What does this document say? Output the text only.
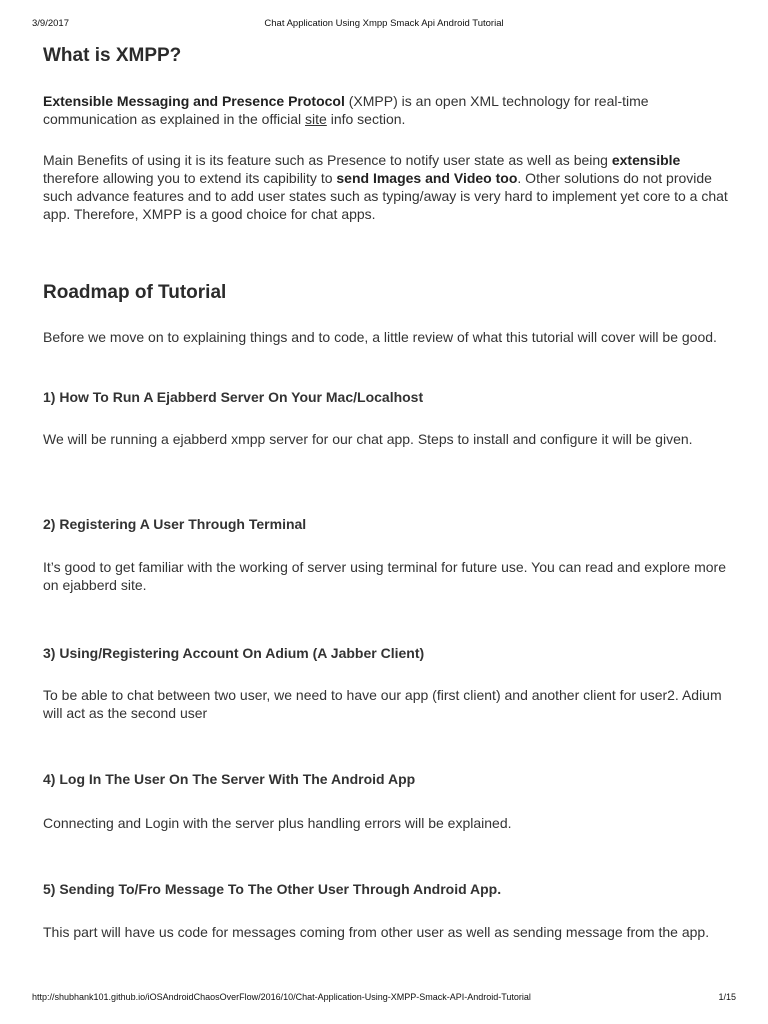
3/9/2017	Chat Application Using Xmpp Smack Api Android Tutorial
What is XMPP?

Extensible Messaging and Presence Protocol (XMPP) is an open XML technology for real-time communication as explained in the official site info section.

Main Benefits of using it is its feature such as Presence to notify user state as well as being extensible therefore allowing you to extend its capibility to send Images and Video too. Other solutions do not provide such advance features and to add user states such as typing/away is very hard to implement yet core to a chat app. Therefore, XMPP is a good choice for chat apps.

Roadmap of Tutorial

Before we move on to explaining things and to code, a little review of what this tutorial will cover will be good.

1) How To Run A Ejabberd Server On Your Mac/Localhost

We will be running a ejabberd xmpp server for our chat app. Steps to install and configure it will be given.

2) Registering A User Through Terminal

It’s good to get familiar with the working of server using terminal for future use. You can read and explore more on ejabberd site.

3) Using/Registering Account On Adium (A Jabber Client)

To be able to chat between two user, we need to have our app (first client) and another client for user2. Adium will act as the second user

4) Log In The User On The Server With The Android App

Connecting and Login with the server plus handling errors will be explained.

5) Sending To/Fro Message To The Other User Through Android App.

This part will have us code for messages coming from other user as well as sending message from the app.

http://shubhank101.github.io/iOSAndroidChaosOverFlow/2016/10/Chat-Application-Using-XMPP-Smack-API-Android-Tutorial	1/15
